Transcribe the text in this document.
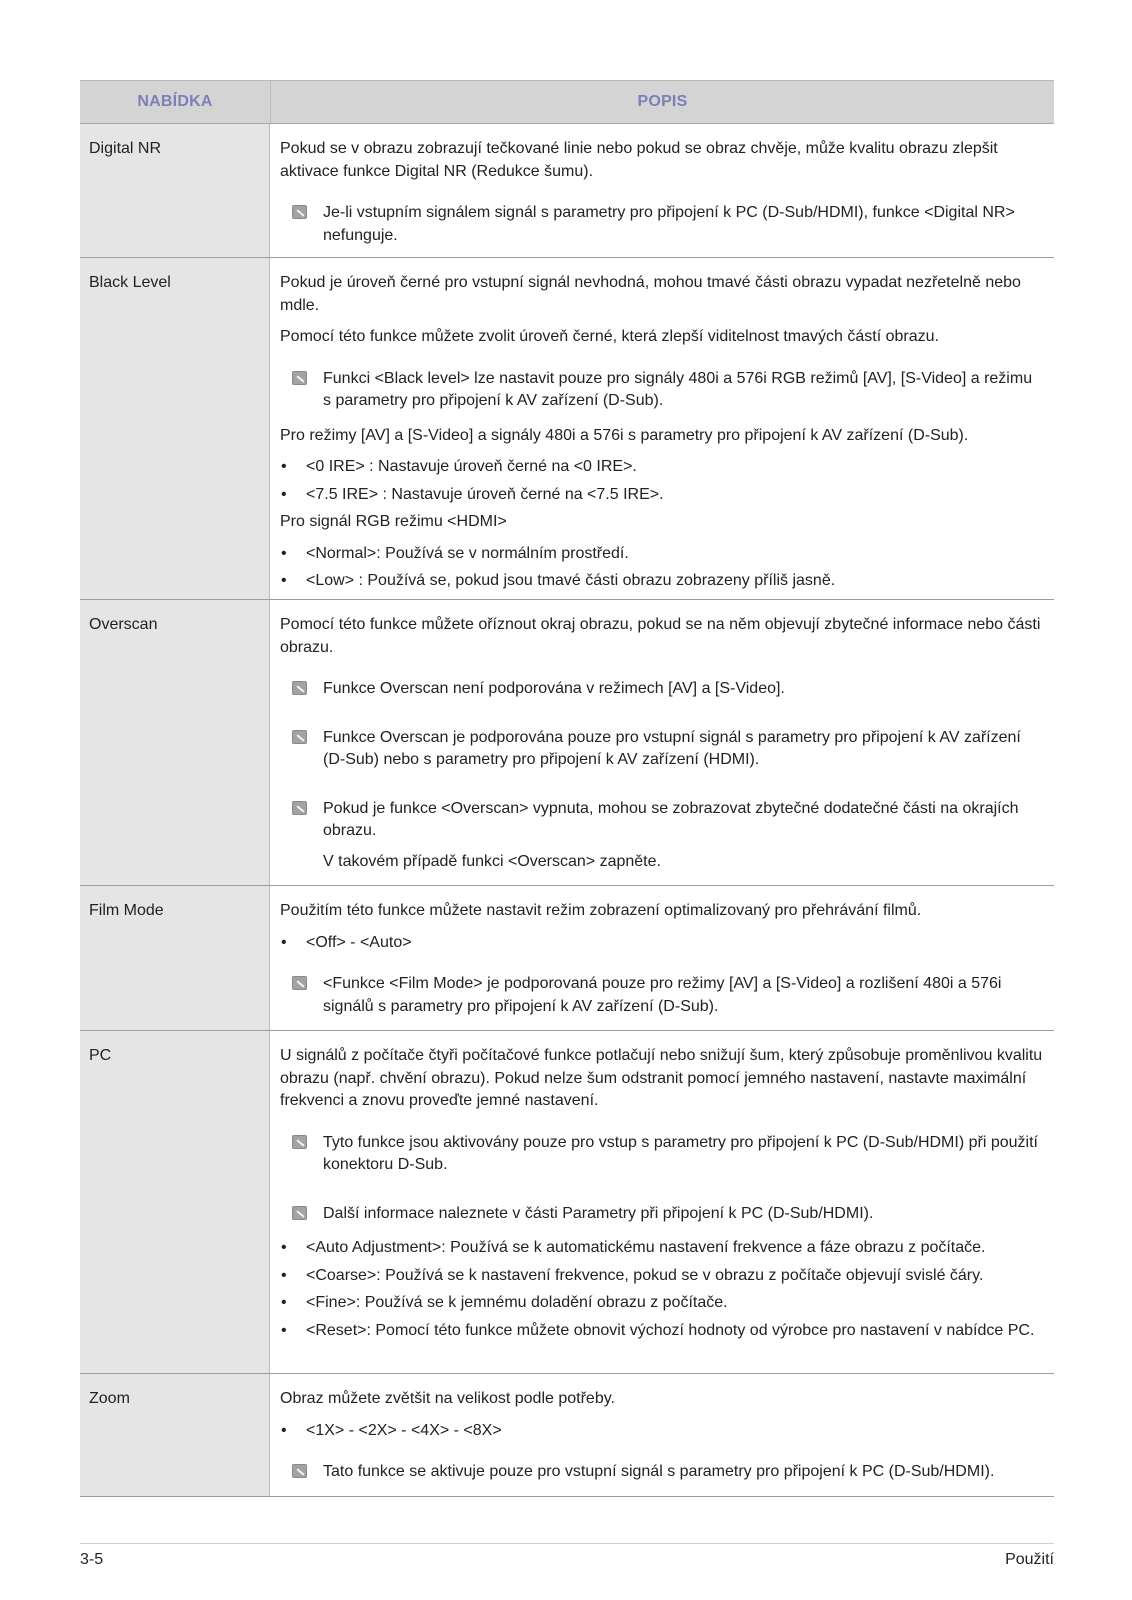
NABÍDKA	POPIS
Digital NR	Pokud se v obrazu zobrazují tečkované linie nebo pokud se obraz chvěje, může kvalitu obrazu zlepšit aktivace funkce Digital NR (Redukce šumu).
Je-li vstupním signálem signál s parametry pro připojení k PC (D-Sub/HDMI), funkce <Digital NR> nefunguje.
Black Level	Pokud je úroveň černé pro vstupní signál nevhodná, mohou tmavé části obrazu vypadat nezřetelně nebo mdle.
Pomocí této funkce můžete zvolit úroveň černé, která zlepší viditelnost tmavých částí obrazu.
Funkci <Black level> lze nastavit pouze pro signály 480i a 576i RGB režimů [AV], [S-Video] a režimu s parametry pro připojení k AV zařízení (D-Sub).
Pro režimy [AV] a [S-Video] a signály 480i a 576i s parametry pro připojení k AV zařízení (D-Sub).
•	<0 IRE> : Nastavuje úroveň černé na <0 IRE>.
•	<7.5 IRE> : Nastavuje úroveň černé na <7.5 IRE>.
Pro signál RGB režimu <HDMI>
•	<Normal>: Používá se v normálním prostředí.
•	<Low> : Používá se, pokud jsou tmavé části obrazu zobrazeny příliš jasně.
Overscan	Pomocí této funkce můžete oříznout okraj obrazu, pokud se na něm objevují zbytečné informace nebo části obrazu.
Funkce Overscan není podporována v režimech [AV] a [S-Video].
Funkce Overscan je podporována pouze pro vstupní signál s parametry pro připojení k AV zařízení (D-Sub) nebo s parametry pro připojení k AV zařízení (HDMI).
Pokud je funkce <Overscan> vypnuta, mohou se zobrazovat zbytečné dodatečné části na okrajích obrazu.
V takovém případě funkci <Overscan> zapněte.
Film Mode	Použitím této funkce můžete nastavit režim zobrazení optimalizovaný pro přehrávání filmů.
•	<Off> - <Auto>
<Funkce <Film Mode> je podporovaná pouze pro režimy [AV] a [S-Video] a rozlišení 480i a 576i signálů s parametry pro připojení k AV zařízení (D-Sub).
PC	U signálů z počítače čtyři počítačové funkce potlačují nebo snižují šum, který způsobuje proměnlivou kvalitu obrazu (např. chvění obrazu). Pokud nelze šum odstranit pomocí jemného nastavení, nastavte maximální frekvenci a znovu proveďte jemné nastavení.
Tyto funkce jsou aktivovány pouze pro vstup s parametry pro připojení k PC (D-Sub/HDMI) při použití konektoru D-Sub.
Další informace naleznete v části Parametry při připojení k PC (D-Sub/HDMI).
•	<Auto Adjustment>: Používá se k automatickému nastavení frekvence a fáze obrazu z počítače.
•	<Coarse>: Používá se k nastavení frekvence, pokud se v obrazu z počítače objevují svislé čáry.
•	<Fine>: Používá se k jemnému doladění obrazu z počítače.
•	<Reset>: Pomocí této funkce můžete obnovit výchozí hodnoty od výrobce pro nastavení v nabídce PC.
Zoom	Obraz můžete zvětšit na velikost podle potřeby.
•	<1X> - <2X> - <4X> - <8X>
Tato funkce se aktivuje pouze pro vstupní signál s parametry pro připojení k PC (D-Sub/HDMI).
3-5	Použití
